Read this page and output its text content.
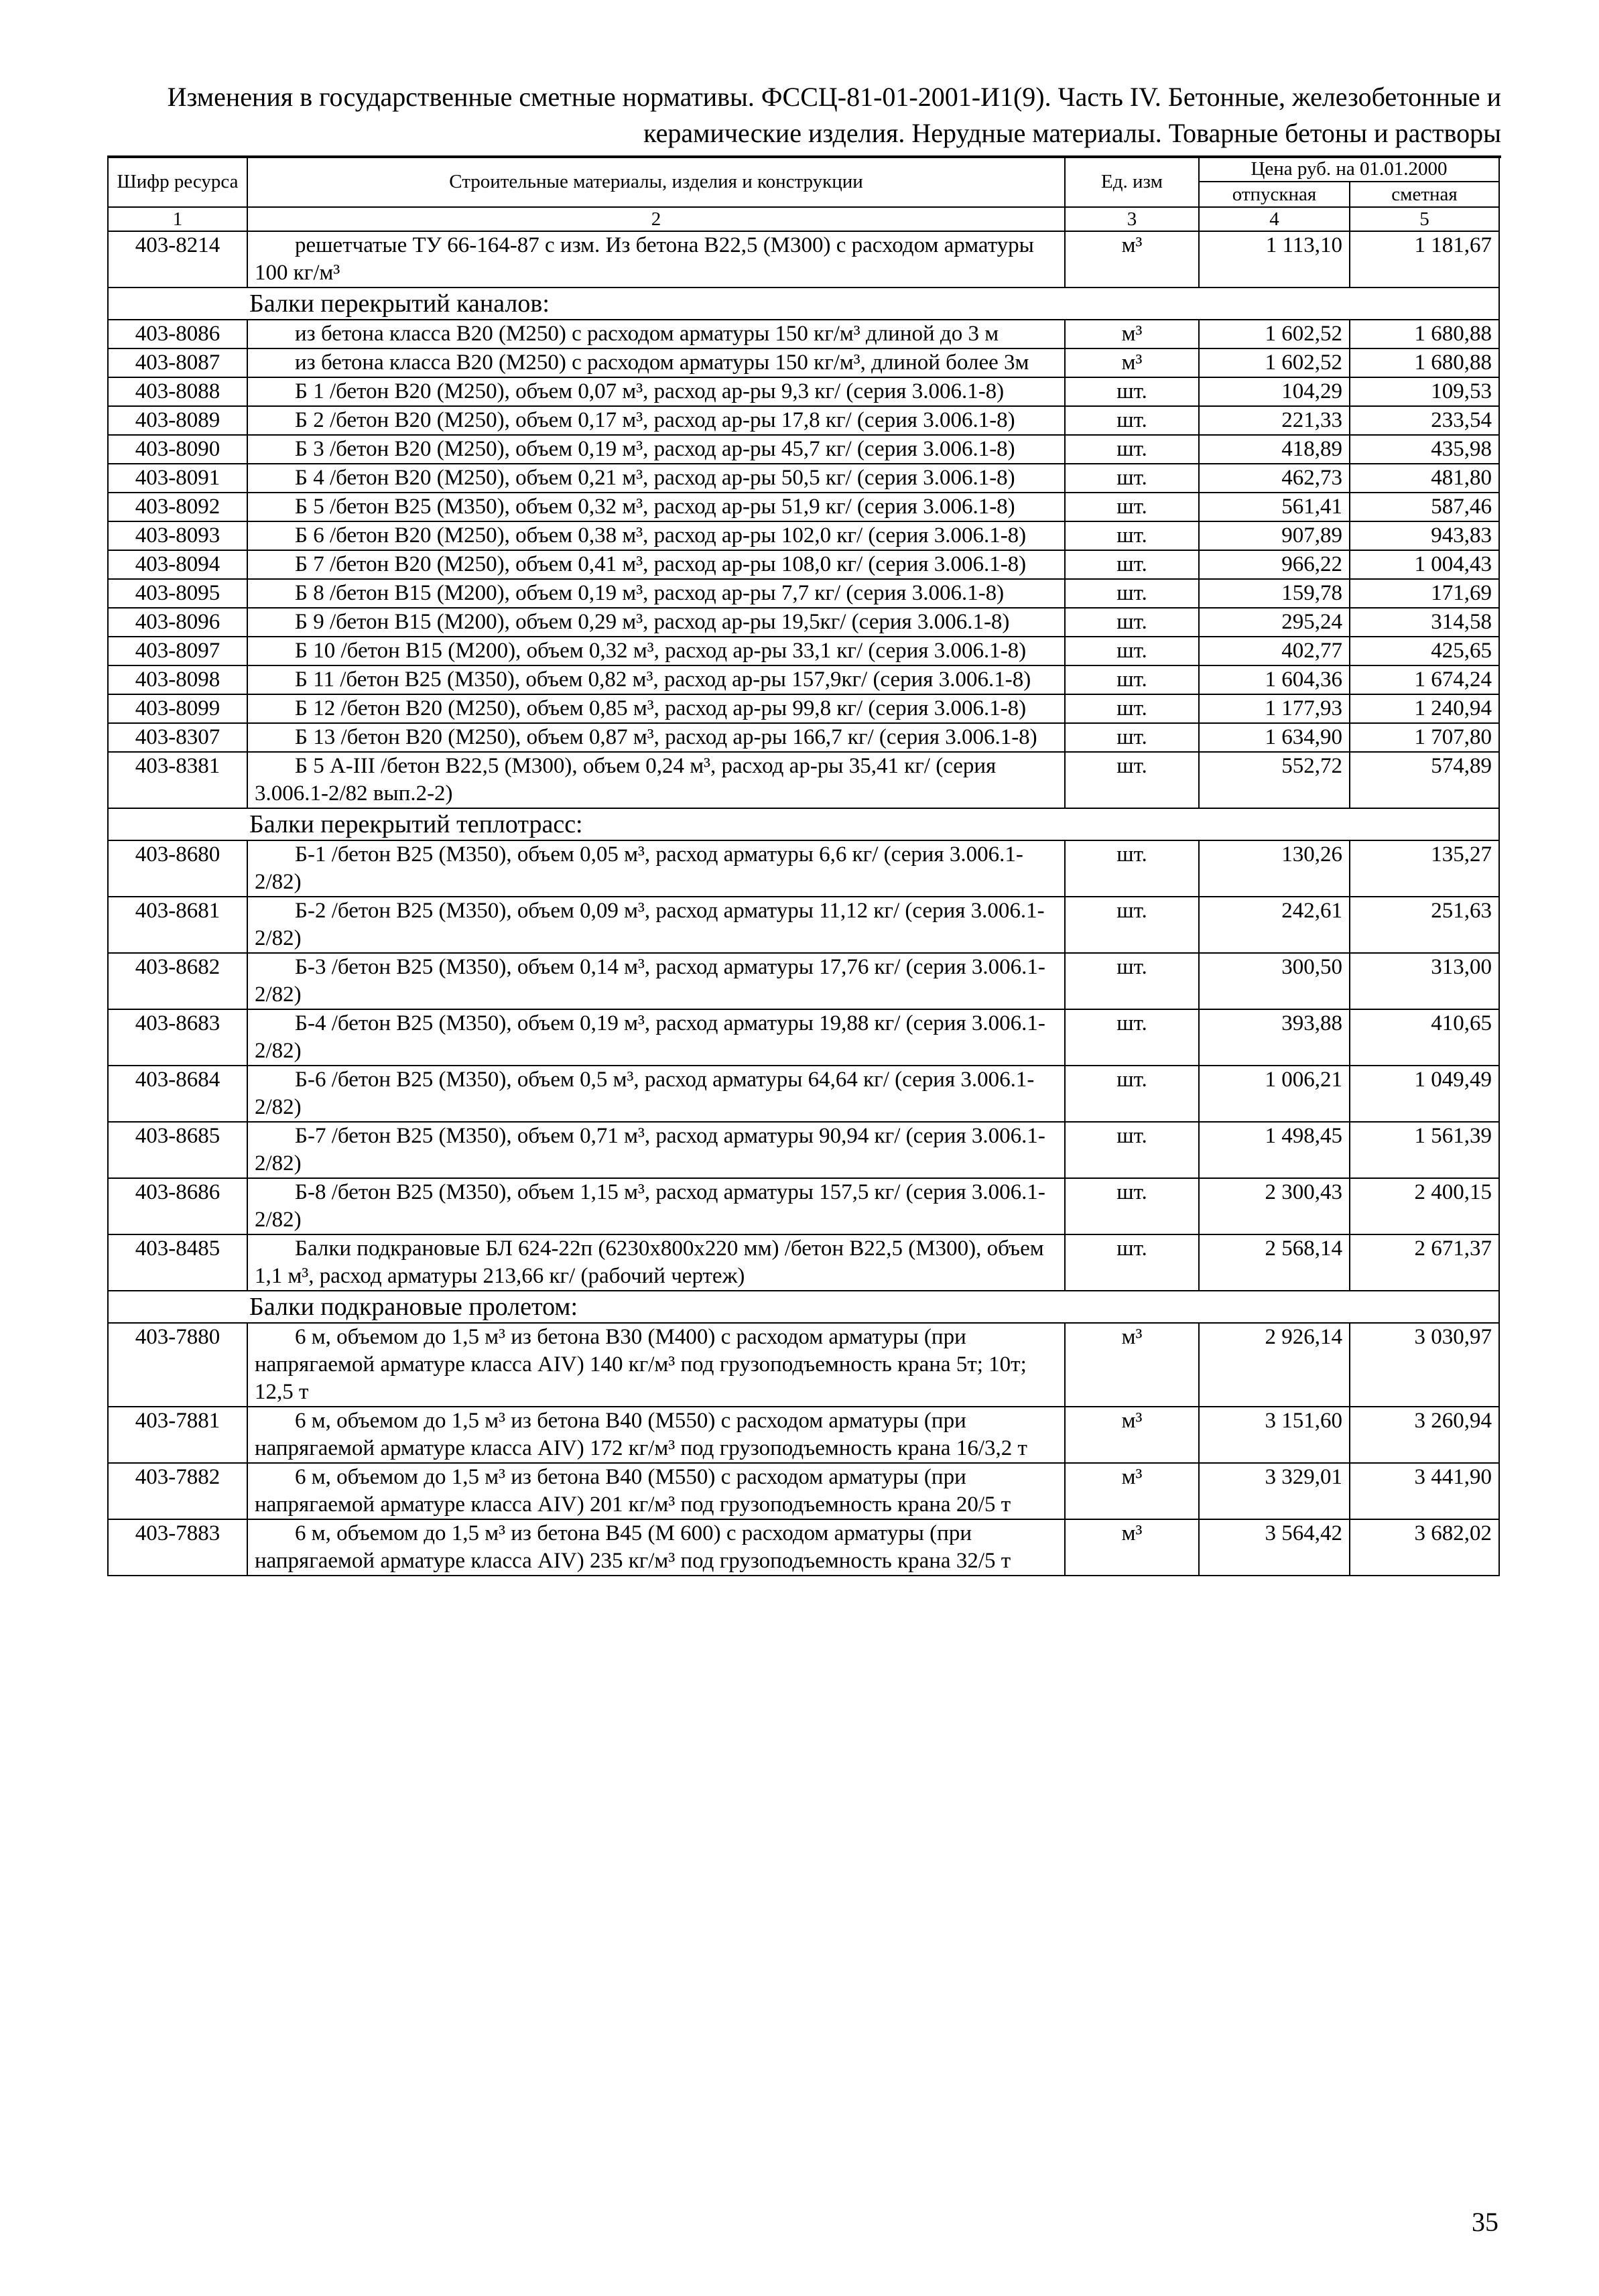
Изменения в государственные сметные нормативы. ФССЦ-81-01-2001-И1(9). Часть IV. Бетонные, железобетонные и
керамические изделия. Нерудные материалы. Товарные бетоны и растворы
Шифр ресурса	Строительные материалы, изделия и конструкции	Ед. изм	Цена руб. на 01.01.2000	
			отпускная	сметная
1	2	3	4	5
403-8214	решетчатые ТУ 66-164-87 с изм. Из бетона В22,5 (М300) с расходом арматуры 100 кг/м³	м³	1 113,10	1 181,67
Балки перекрытий каналов:				
403-8086	из бетона класса В20 (М250) с расходом арматуры 150 кг/м³ длиной до 3 м	м³	1 602,52	1 680,88
403-8087	из бетона класса В20 (М250) с расходом арматуры 150 кг/м³, длиной более 3м	м³	1 602,52	1 680,88
403-8088	Б 1 /бетон В20 (М250), объем 0,07 м³, расход ар-ры 9,3 кг/ (серия 3.006.1-8)	шт.	104,29	109,53
403-8089	Б 2 /бетон В20 (М250), объем 0,17 м³, расход ар-ры 17,8 кг/ (серия 3.006.1-8)	шт.	221,33	233,54
403-8090	Б 3 /бетон В20 (М250), объем 0,19 м³, расход ар-ры 45,7 кг/ (серия 3.006.1-8)	шт.	418,89	435,98
403-8091	Б 4 /бетон В20 (М250), объем 0,21 м³, расход ар-ры 50,5 кг/ (серия 3.006.1-8)	шт.	462,73	481,80
403-8092	Б 5 /бетон В25 (М350), объем 0,32 м³, расход ар-ры 51,9 кг/ (серия 3.006.1-8)	шт.	561,41	587,46
403-8093	Б 6 /бетон В20 (М250), объем 0,38 м³, расход ар-ры 102,0 кг/ (серия 3.006.1-8)	шт.	907,89	943,83
403-8094	Б 7 /бетон В20 (М250), объем 0,41 м³, расход ар-ры 108,0 кг/ (серия 3.006.1-8)	шт.	966,22	1 004,43
403-8095	Б 8 /бетон В15 (М200), объем 0,19 м³, расход ар-ры 7,7 кг/ (серия 3.006.1-8)	шт.	159,78	171,69
403-8096	Б 9 /бетон В15 (М200), объем 0,29 м³, расход ар-ры 19,5кг/ (серия 3.006.1-8)	шт.	295,24	314,58
403-8097	Б 10 /бетон В15 (М200), объем 0,32 м³, расход ар-ры 33,1 кг/ (серия 3.006.1-8)	шт.	402,77	425,65
403-8098	Б 11 /бетон В25 (М350), объем 0,82 м³, расход ар-ры 157,9кг/ (серия 3.006.1-8)	шт.	1 604,36	1 674,24
403-8099	Б 12 /бетон В20 (М250), объем 0,85 м³, расход ар-ры 99,8 кг/ (серия 3.006.1-8)	шт.	1 177,93	1 240,94
403-8307	Б 13 /бетон В20 (М250), объем 0,87 м³, расход ар-ры 166,7 кг/ (серия 3.006.1-8)	шт.	1 634,90	1 707,80
403-8381	Б 5 А-III /бетон В22,5 (М300), объем 0,24 м³, расход ар-ры 35,41 кг/ (серия 3.006.1-2/82 вып.2-2)	шт.	552,72	574,89
Балки перекрытий теплотрасс:				
403-8680	Б-1 /бетон В25 (М350), объем 0,05 м³, расход арматуры 6,6 кг/ (серия 3.006.1-2/82)	шт.	130,26	135,27
403-8681	Б-2 /бетон В25 (М350), объем 0,09 м³, расход арматуры 11,12 кг/ (серия 3.006.1-2/82)	шт.	242,61	251,63
403-8682	Б-3 /бетон В25 (М350), объем 0,14 м³, расход арматуры 17,76 кг/ (серия 3.006.1-2/82)	шт.	300,50	313,00
403-8683	Б-4 /бетон В25 (М350), объем 0,19 м³, расход арматуры 19,88 кг/ (серия 3.006.1-2/82)	шт.	393,88	410,65
403-8684	Б-6 /бетон В25 (М350), объем 0,5 м³, расход арматуры 64,64 кг/ (серия 3.006.1-2/82)	шт.	1 006,21	1 049,49
403-8685	Б-7 /бетон В25 (М350), объем 0,71 м³, расход арматуры 90,94 кг/ (серия 3.006.1-2/82)	шт.	1 498,45	1 561,39
403-8686	Б-8 /бетон В25 (М350), объем 1,15 м³, расход арматуры 157,5 кг/ (серия 3.006.1-2/82)	шт.	2 300,43	2 400,15
403-8485	Балки подкрановые БЛ 624-22п (6230х800х220 мм) /бетон В22,5 (М300), объем 1,1 м³, расход арматуры 213,66 кг/ (рабочий чертеж)	шт.	2 568,14	2 671,37
Балки подкрановые пролетом:				
403-7880	6 м, объемом до 1,5 м³ из бетона В30 (М400) с расходом арматуры (при напрягаемой арматуре класса АIV) 140 кг/м³ под грузоподъемность крана 5т; 10т; 12,5 т	м³	2 926,14	3 030,97
403-7881	6 м, объемом до 1,5 м³ из бетона В40 (М550) с расходом арматуры (при напрягаемой арматуре класса АIV) 172 кг/м³ под грузоподъемность крана 16/3,2 т	м³	3 151,60	3 260,94
403-7882	6 м, объемом до 1,5 м³ из бетона В40 (М550) с расходом арматуры (при напрягаемой арматуре класса АIV) 201 кг/м³ под грузоподъемность крана 20/5 т	м³	3 329,01	3 441,90
403-7883	6 м, объемом до 1,5 м³ из бетона В45 (М 600) с расходом арматуры (при напрягаемой арматуре класса АIV) 235 кг/м³ под грузоподъемность крана 32/5 т	м³	3 564,42	3 682,02
35
